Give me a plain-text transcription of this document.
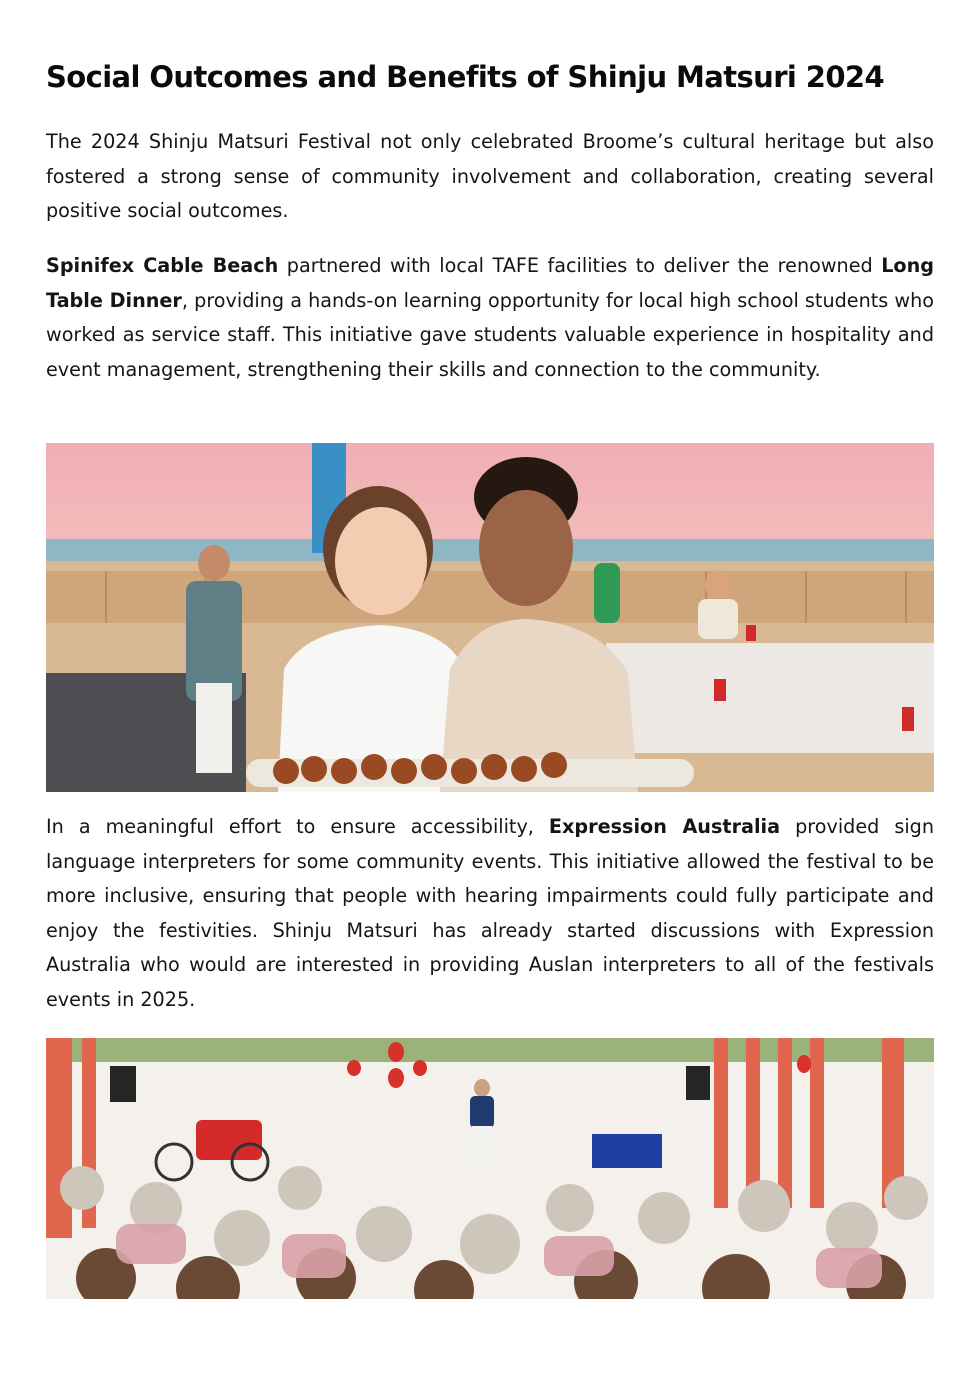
Social Outcomes and Benefits of Shinju Matsuri 2024

The 2024 Shinju Matsuri Festival not only celebrated Broome’s cultural heritage but also fostered a strong sense of community involvement and collaboration, creating several positive social outcomes.

Spinifex Cable Beach partnered with local TAFE facilities to deliver the renowned Long Table Dinner, providing a hands-on learning opportunity for local high school students who worked as service staff. This initiative gave students valuable experience in hospitality and event management, strengthening their skills and connection to the community.

In a meaningful effort to ensure accessibility, Expression Australia provided sign language interpreters for some community events. This initiative allowed the festival to be more inclusive, ensuring that people with hearing impairments could fully participate and enjoy the festivities. Shinju Matsuri has already started discussions with Expression Australia who would are interested in providing Auslan interpreters to all of the festivals events in 2025.
